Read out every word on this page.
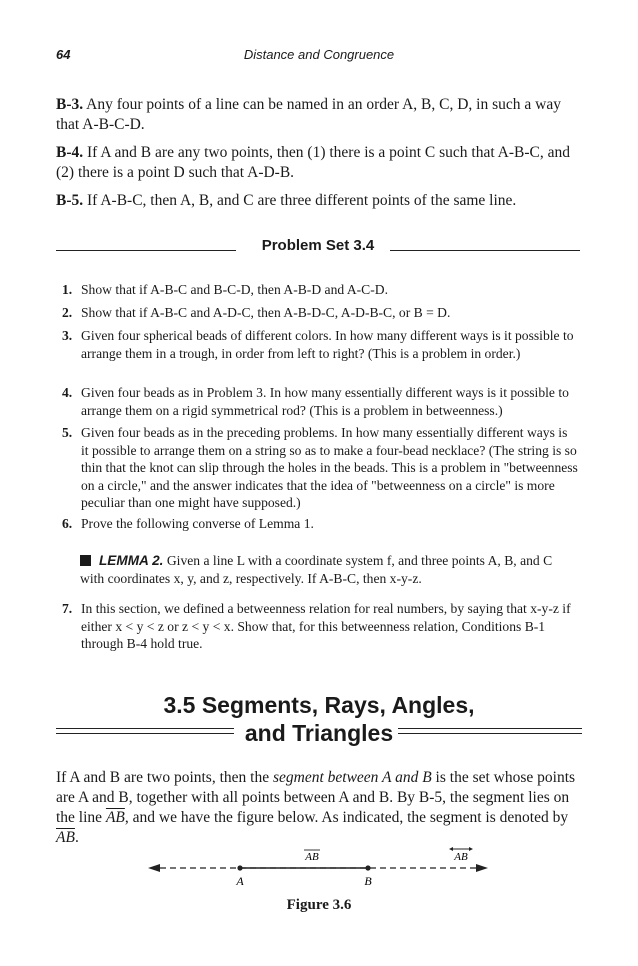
64	Distance and Congruence
B-3. Any four points of a line can be named in an order A, B, C, D, in such a way that A-B-C-D.
B-4. If A and B are any two points, then (1) there is a point C such that A-B-C, and (2) there is a point D such that A-D-B.
B-5. If A-B-C, then A, B, and C are three different points of the same line.
Problem Set 3.4
1. Show that if A-B-C and B-C-D, then A-B-D and A-C-D.
2. Show that if A-B-C and A-D-C, then A-B-D-C, A-D-B-C, or B = D.
3. Given four spherical beads of different colors. In how many different ways is it possible to arrange them in a trough, in order from left to right? (This is a problem in order.)
4. Given four beads as in Problem 3. In how many essentially different ways is it possible to arrange them on a rigid symmetrical rod? (This is a problem in betweenness.)
5. Given four beads as in the preceding problems. In how many essentially different ways is it possible to arrange them on a string so as to make a four-bead necklace? (The string is so thin that the knot can slip through the holes in the beads. This is a problem in "betweenness on a circle," and the answer indicates that the idea of "betweenness on a circle" is more peculiar than one might have supposed.)
6. Prove the following converse of Lemma 1.
LEMMA 2. Given a line L with a coordinate system f, and three points A, B, and C with coordinates x, y, and z, respectively. If A-B-C, then x-y-z.
7. In this section, we defined a betweenness relation for real numbers, by saying that x-y-z if either x < y < z or z < y < x. Show that, for this betweenness relation, Conditions B-1 through B-4 hold true.
3.5 Segments, Rays, Angles,
and Triangles
If A and B are two points, then the segment between A and B is the set whose points are A and B, together with all points between A and B. By B-5, the segment lies on the line $\overline{AB}$, and we have the figure below. As indicated, the segment is denoted by $\overline{AB}$.
A	B
AB	AB
Figure 3.6
